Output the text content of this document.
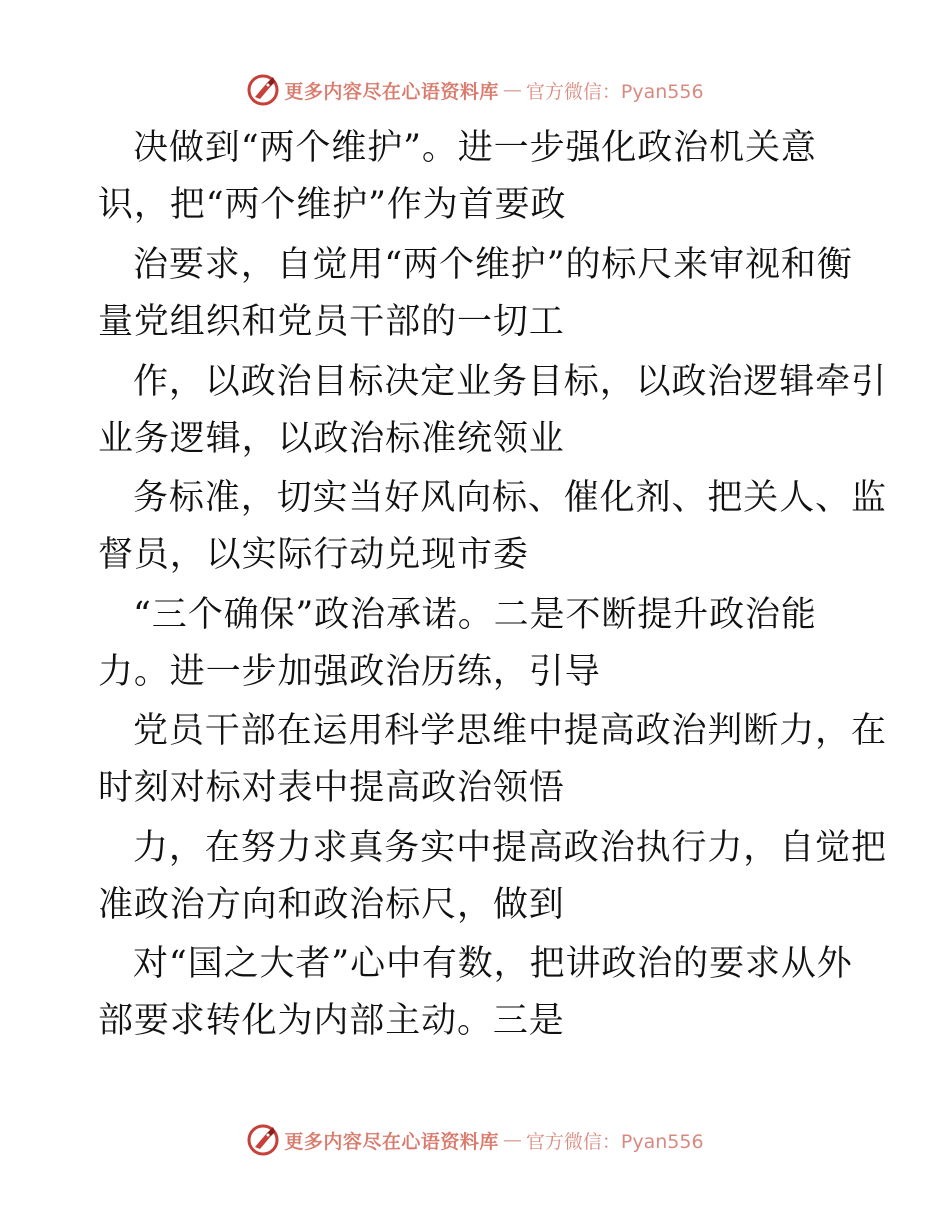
更多内容尽在心语资料库 — 官方微信：Pyan556
决做到“两个维护”。进一步强化政治机关意
识，把“两个维护”作为首要政
治要求，自觉用“两个维护”的标尺来审视和衡
量党组织和党员干部的一切工
作，以政治目标决定业务目标，以政治逻辑牵引
业务逻辑，以政治标准统领业
务标准，切实当好风向标、催化剂、把关人、监
督员，以实际行动兑现市委
“三个确保”政治承诺。二是不断提升政治能
力。进一步加强政治历练，引导
党员干部在运用科学思维中提高政治判断力，在
时刻对标对表中提高政治领悟
力，在努力求真务实中提高政治执行力，自觉把
准政治方向和政治标尺，做到
对“国之大者”心中有数，把讲政治的要求从外
部要求转化为内部主动。三是
更多内容尽在心语资料库 — 官方微信：Pyan556
